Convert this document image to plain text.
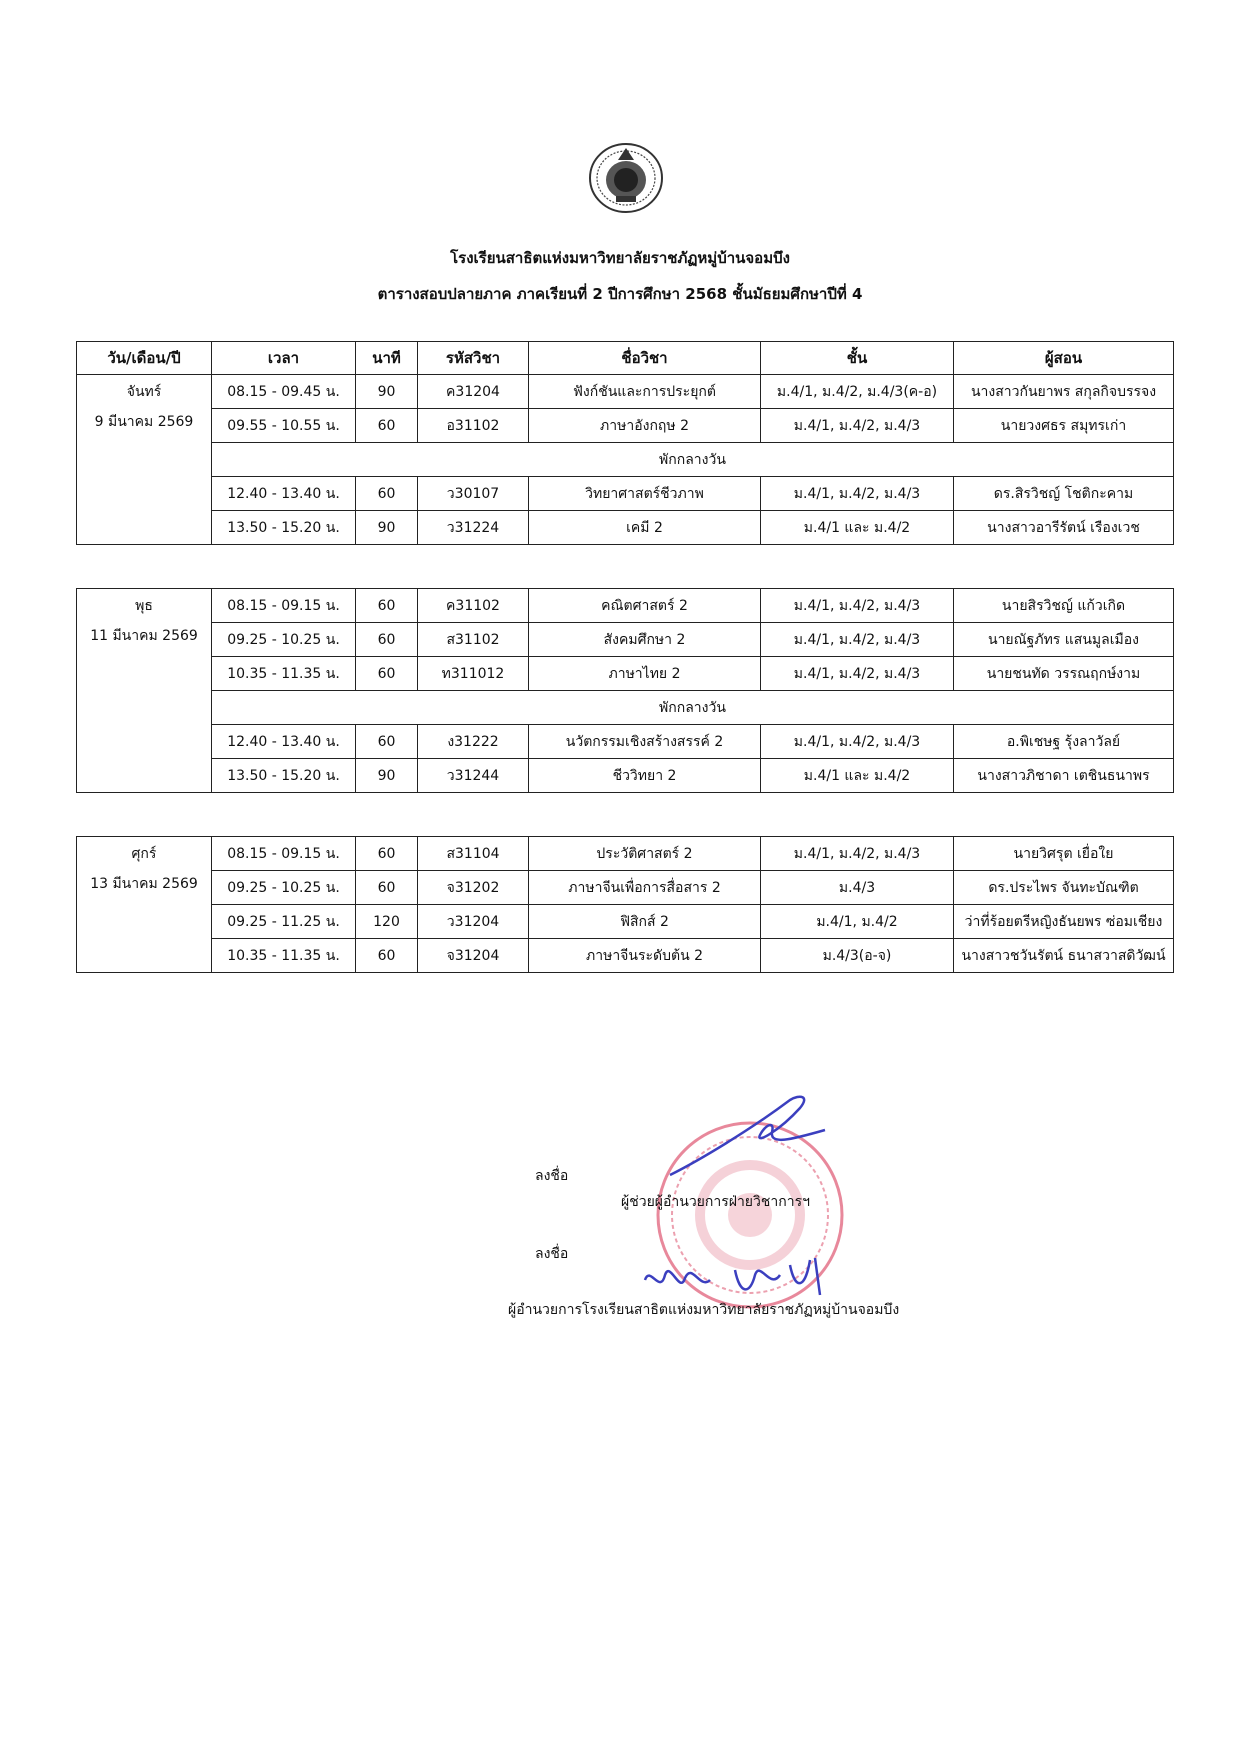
โรงเรียนสาธิตแห่งมหาวิทยาลัยราชภัฏหมู่บ้านจอมบึง
ตารางสอบปลายภาค ภาคเรียนที่ 2 ปีการศึกษา 2568 ชั้นมัธยมศึกษาปีที่ 4
วัน/เดือน/ปี	เวลา	นาที	รหัสวิชา	ชื่อวิชา	ชั้น	ผู้สอน

จันทร์
9 มีนาคม 2569	08.15 - 09.45 น.	90	ค31204	ฟังก์ชันและการประยุกต์	ม.4/1, ม.4/2, ม.4/3(ค-อ)	นางสาวกันยาพร สกุลกิจบรรจง
	09.55 - 10.55 น.	60	อ31102	ภาษาอังกฤษ 2	ม.4/1, ม.4/2, ม.4/3	นายวงศธร สมุทรเก่า
	พักกลางวัน					
	12.40 - 13.40 น.	60	ว30107	วิทยาศาสตร์ชีวภาพ	ม.4/1, ม.4/2, ม.4/3	ดร.สิรวิชญ์ โชติกะคาม
	13.50 - 15.20 น.	90	ว31224	เคมี 2	ม.4/1 และ ม.4/2	นางสาวอารีรัตน์ เรืองเวช
พุธ
11 มีนาคม 2569	08.15 - 09.15 น.	60	ค31102	คณิตศาสตร์ 2	ม.4/1, ม.4/2, ม.4/3	นายสิรวิชญ์ แก้วเกิด
	09.25 - 10.25 น.	60	ส31102	สังคมศึกษา 2	ม.4/1, ม.4/2, ม.4/3	นายณัฐภัทร แสนมูลเมือง
	10.35 - 11.35 น.	60	ท311012	ภาษาไทย 2	ม.4/1, ม.4/2, ม.4/3	นายชนทัด วรรณฤกษ์งาม
	พักกลางวัน					
	12.40 - 13.40 น.	60	ง31222	นวัตกรรมเชิงสร้างสรรค์ 2	ม.4/1, ม.4/2, ม.4/3	อ.พิเชษฐ รุ้งลาวัลย์
	13.50 - 15.20 น.	90	ว31244	ชีววิทยา 2	ม.4/1 และ ม.4/2	นางสาวภิชาดา เตชินธนาพร
ศุกร์
13 มีนาคม 2569	08.15 - 09.15 น.	60	ส31104	ประวัติศาสตร์ 2	ม.4/1, ม.4/2, ม.4/3	นายวิศรุต เยื่อใย
	09.25 - 10.25 น.	60	จ31202	ภาษาจีนเพื่อการสื่อสาร 2	ม.4/3	ดร.ประไพร จันทะบัณฑิต
	09.25 - 11.25 น.	120	ว31204	ฟิสิกส์ 2	ม.4/1, ม.4/2	ว่าที่ร้อยตรีหญิงธันยพร ซ่อมเชียง
	10.35 - 11.35 น.	60	จ31204	ภาษาจีนระดับต้น 2	ม.4/3(อ-จ)	นางสาวชวันรัตน์ ธนาสวาสดิวัฒน์
ลงชื่อ
ผู้ช่วยผู้อำนวยการฝ่ายวิชาการฯ
ลงชื่อ
ผู้อำนวยการโรงเรียนสาธิตแห่งมหาวิทยาลัยราชภัฏหมู่บ้านจอมบึง
